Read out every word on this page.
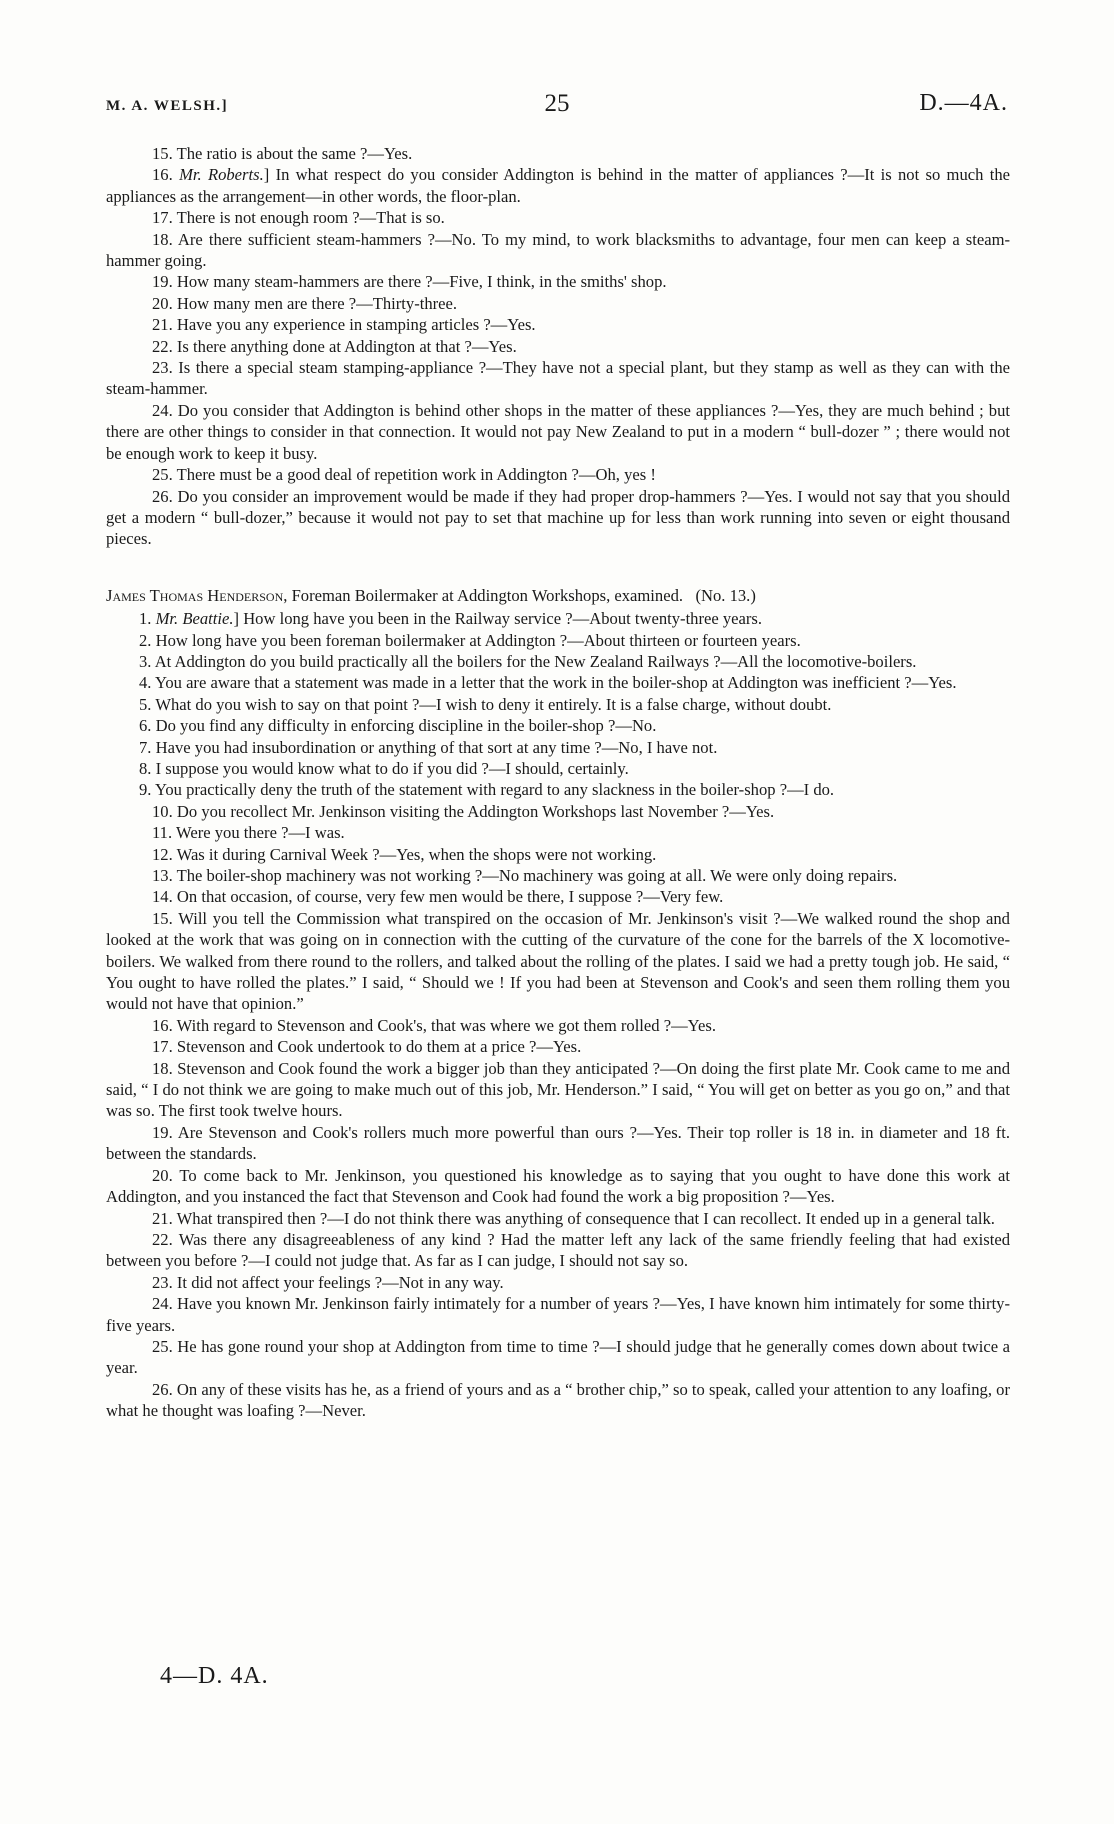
M. A. WELSH.]	25	D.—4A.

15. The ratio is about the same ?—Yes.

16. Mr. Roberts.] In what respect do you consider Addington is behind in the matter of appliances ?—It is not so much the appliances as the arrangement—in other words, the floor-plan.

17. There is not enough room ?—That is so.

18. Are there sufficient steam-hammers ?—No. To my mind, to work blacksmiths to advantage, four men can keep a steam-hammer going.

19. How many steam-hammers are there ?—Five, I think, in the smiths' shop.

20. How many men are there ?—Thirty-three.

21. Have you any experience in stamping articles ?—Yes.

22. Is there anything done at Addington at that ?—Yes.

23. Is there a special steam stamping-appliance ?—They have not a special plant, but they stamp as well as they can with the steam-hammer.

24. Do you consider that Addington is behind other shops in the matter of these appliances ?—Yes, they are much behind ; but there are other things to consider in that connection. It would not pay New Zealand to put in a modern “ bull-dozer ” ; there would not be enough work to keep it busy.

25. There must be a good deal of repetition work in Addington ?—Oh, yes !

26. Do you consider an improvement would be made if they had proper drop-hammers ?—Yes. I would not say that you should get a modern “ bull-dozer,” because it would not pay to set that machine up for less than work running into seven or eight thousand pieces.

James Thomas Henderson, Foreman Boilermaker at Addington Workshops, examined. (No. 13.)

1. Mr. Beattie.] How long have you been in the Railway service ?—About twenty-three years.

2. How long have you been foreman boilermaker at Addington ?—About thirteen or fourteen years.

3. At Addington do you build practically all the boilers for the New Zealand Railways ?—All the locomotive-boilers.

4. You are aware that a statement was made in a letter that the work in the boiler-shop at Addington was inefficient ?—Yes.

5. What do you wish to say on that point ?—I wish to deny it entirely. It is a false charge, without doubt.

6. Do you find any difficulty in enforcing discipline in the boiler-shop ?—No.

7. Have you had insubordination or anything of that sort at any time ?—No, I have not.

8. I suppose you would know what to do if you did ?—I should, certainly.

9. You practically deny the truth of the statement with regard to any slackness in the boiler-shop ?—I do.

10. Do you recollect Mr. Jenkinson visiting the Addington Workshops last November ?—Yes.

11. Were you there ?—I was.

12. Was it during Carnival Week ?—Yes, when the shops were not working.

13. The boiler-shop machinery was not working ?—No machinery was going at all. We were only doing repairs.

14. On that occasion, of course, very few men would be there, I suppose ?—Very few.

15. Will you tell the Commission what transpired on the occasion of Mr. Jenkinson's visit ?—We walked round the shop and looked at the work that was going on in connection with the cutting of the curvature of the cone for the barrels of the X locomotive-boilers. We walked from there round to the rollers, and talked about the rolling of the plates. I said we had a pretty tough job. He said, “ You ought to have rolled the plates.” I said, “ Should we ! If you had been at Stevenson and Cook's and seen them rolling them you would not have that opinion.”

16. With regard to Stevenson and Cook's, that was where we got them rolled ?—Yes.

17. Stevenson and Cook undertook to do them at a price ?—Yes.

18. Stevenson and Cook found the work a bigger job than they anticipated ?—On doing the first plate Mr. Cook came to me and said, “ I do not think we are going to make much out of this job, Mr. Henderson.” I said, “ You will get on better as you go on,” and that was so. The first took twelve hours.

19. Are Stevenson and Cook's rollers much more powerful than ours ?—Yes. Their top roller is 18 in. in diameter and 18 ft. between the standards.

20. To come back to Mr. Jenkinson, you questioned his knowledge as to saying that you ought to have done this work at Addington, and you instanced the fact that Stevenson and Cook had found the work a big proposition ?—Yes.

21. What transpired then ?—I do not think there was anything of consequence that I can recollect. It ended up in a general talk.

22. Was there any disagreeableness of any kind ? Had the matter left any lack of the same friendly feeling that had existed between you before ?—I could not judge that. As far as I can judge, I should not say so.

23. It did not affect your feelings ?—Not in any way.

24. Have you known Mr. Jenkinson fairly intimately for a number of years ?—Yes, I have known him intimately for some thirty-five years.

25. He has gone round your shop at Addington from time to time ?—I should judge that he generally comes down about twice a year.

26. On any of these visits has he, as a friend of yours and as a “ brother chip,” so to speak, called your attention to any loafing, or what he thought was loafing ?—Never.

4—D. 4A.
